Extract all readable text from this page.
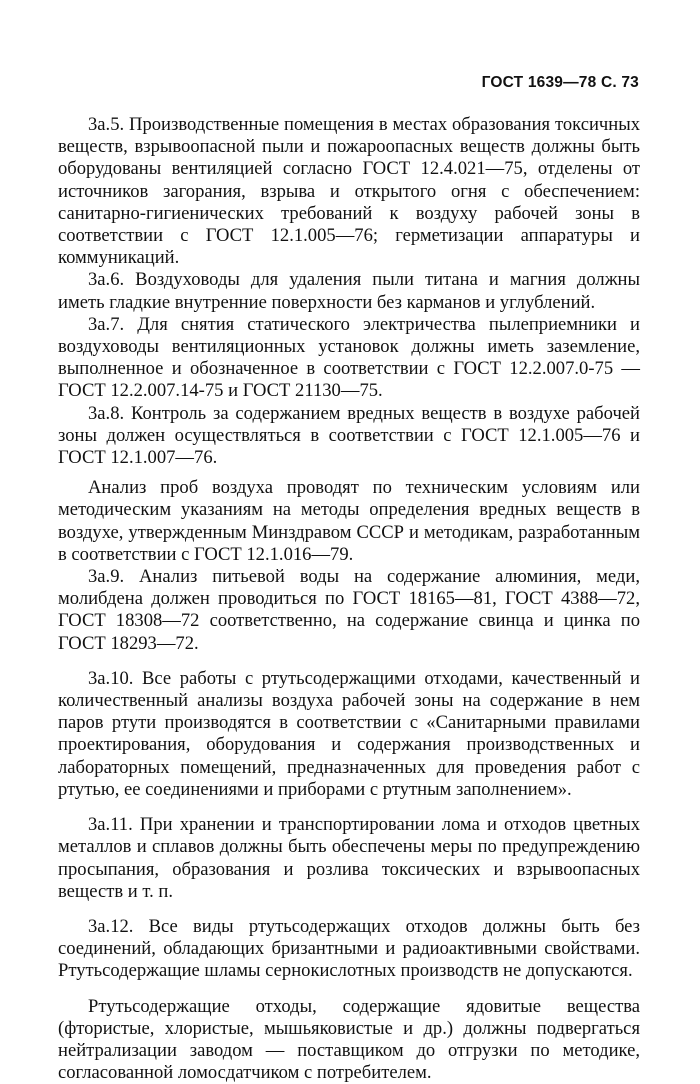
ГОСТ 1639—78 С. 73

3а.5. Производственные помещения в местах образования токсичных веществ, взрывоопасной пыли и пожароопасных веществ должны быть оборудованы вентиляцией согласно ГОСТ 12.4.021—75, отделены от источников загорания, взрыва и открытого огня с обеспечением: санитарно-гигиенических требований к воздуху рабочей зоны в соответствии с ГОСТ 12.1.005—76; герметизации аппаратуры и коммуникаций.

3а.6. Воздуховоды для удаления пыли титана и магния должны иметь гладкие внутренние поверхности без карманов и углублений.

3а.7. Для снятия статического электричества пылеприемники и воздуховоды вентиляционных установок должны иметь заземление, выполненное и обозначенное в соответствии с ГОСТ 12.2.007.0-75 — ГОСТ 12.2.007.14-75 и ГОСТ 21130—75.

3а.8. Контроль за содержанием вредных веществ в воздухе рабочей зоны должен осуществляться в соответствии с ГОСТ 12.1.005—76 и ГОСТ 12.1.007—76.

Анализ проб воздуха проводят по техническим условиям или методическим указаниям на методы определения вредных веществ в воздухе, утвержденным Минздравом СССР и методикам, разработанным в соответствии с ГОСТ 12.1.016—79.

3а.9. Анализ питьевой воды на содержание алюминия, меди, молибдена должен проводиться по ГОСТ 18165—81, ГОСТ 4388—72, ГОСТ 18308—72 соответственно, на содержание свинца и цинка по ГОСТ 18293—72.

3а.10. Все работы с ртутьсодержащими отходами, качественный и количественный анализы воздуха рабочей зоны на содержание в нем паров ртути производятся в соответствии с «Санитарными правилами проектирования, оборудования и содержания производственных и лабораторных помещений, предназначенных для проведения работ с ртутью, ее соединениями и приборами с ртутным заполнением».

3а.11. При хранении и транспортировании лома и отходов цветных металлов и сплавов должны быть обеспечены меры по предупреждению просыпания, образования и розлива токсических и взрывоопасных веществ и т. п.

3а.12. Все виды ртутьсодержащих отходов должны быть без соединений, обладающих бризантными и радиоактивными свойствами. Ртутьсодержащие шламы сернокислотных производств не допускаются.

Ртутьсодержащие отходы, содержащие ядовитые вещества (фтористые, хлористые, мышьяковистые и др.) должны подвергаться нейтрализации заводом — поставщиком до отгрузки по методике, согласованной ломосдатчиком с потребителем.
